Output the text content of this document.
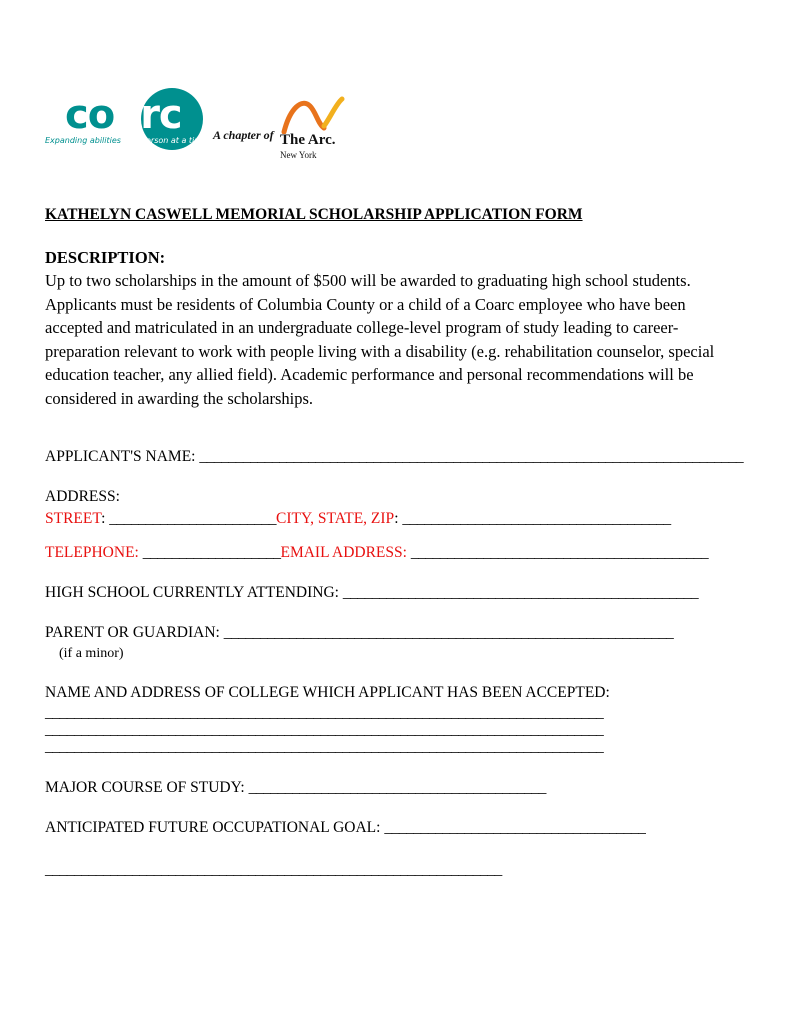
coarc
Expanding abilities one person at a time A chapter of The Arc.
New York
KATHELYN CASWELL MEMORIAL SCHOLARSHIP APPLICATION FORM
DESCRIPTION:
Up to two scholarships in the amount of $500 will be awarded to graduating high school students. Applicants must be residents of Columbia County or a child of a Coarc employee who have been accepted and matriculated in an undergraduate college-level program of study leading to career-preparation relevant to work with people living with a disability (e.g. rehabilitation counselor, special education teacher, any allied field). Academic performance and personal recommendations will be considered in awarding the scholarships.
APPLICANT'S NAME: ___________________________________________________________________________
ADDRESS:
STREET: _______________________CITY, STATE, ZIP: _____________________________________
TELEPHONE: ___________________EMAIL ADDRESS: _________________________________________
HIGH SCHOOL CURRENTLY ATTENDING: _________________________________________________
PARENT OR GUARDIAN: ______________________________________________________________
(if a minor)
NAME AND ADDRESS OF COLLEGE WHICH APPLICANT HAS BEEN ACCEPTED:
_____________________________________________________________________________
_____________________________________________________________________________
_____________________________________________________________________________
MAJOR COURSE OF STUDY: _________________________________________
ANTICIPATED FUTURE OCCUPATIONAL GOAL: ____________________________________
_______________________________________________________________
